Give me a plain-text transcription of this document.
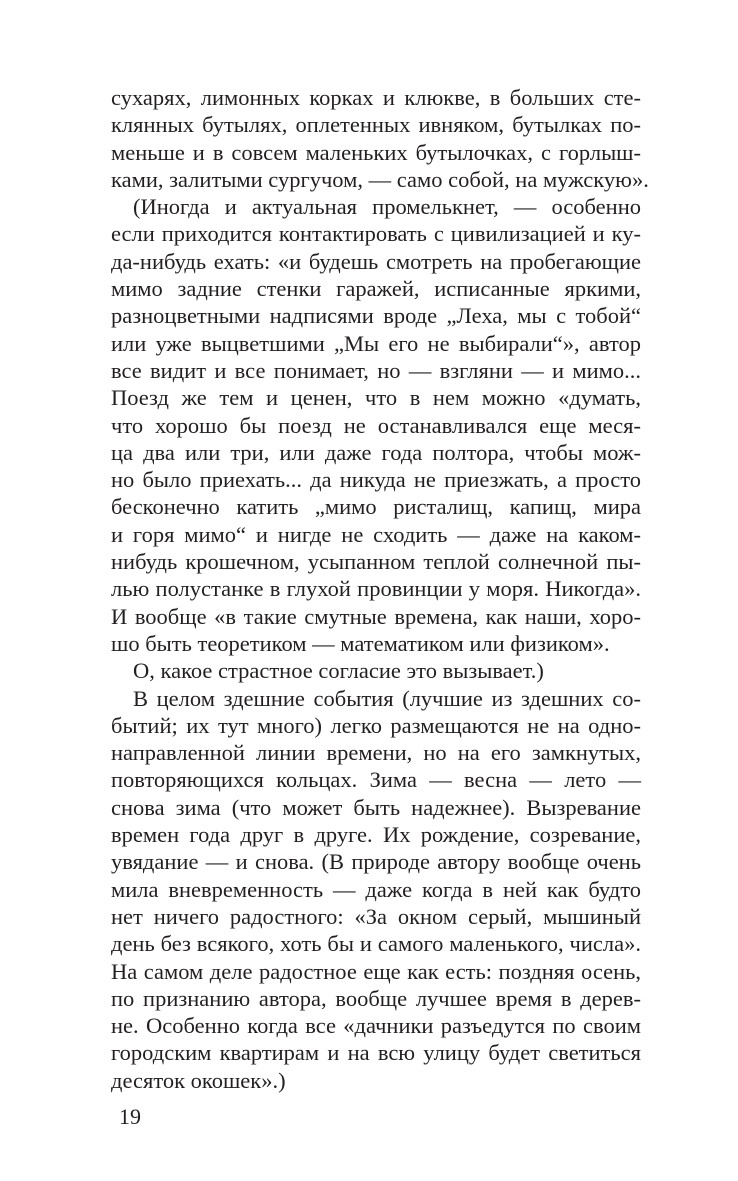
сухарях, лимонных корках и клюкве, в больших сте-
клянных бутылях, оплетенных ивняком, бутылках по-
меньше и в совсем маленьких бутылочках, с горлыш-
ками, залитыми сургучом, — само собой, на мужскую».
(Иногда и актуальная промелькнет, — особенно
если приходится контактировать с цивилизацией и ку-
да-нибудь ехать: «и будешь смотреть на пробегающие
мимо задние стенки гаражей, исписанные яркими,
разноцветными надписями вроде „Леха, мы с тобой“
или уже выцветшими „Мы его не выбирали“», автор
все видит и все понимает, но — взгляни — и мимо...
Поезд же тем и ценен, что в нем можно «думать,
что хорошо бы поезд не останавливался еще меся-
ца два или три, или даже года полтора, чтобы мож-
но было приехать... да никуда не приезжать, а просто
бесконечно катить „мимо ристалищ, капищ, мира
и горя мимо“ и нигде не сходить — даже на каком-
нибудь крошечном, усыпанном теплой солнечной пы-
лью полустанке в глухой провинции у моря. Никогда».
И вообще «в такие смутные времена, как наши, хоро-
шо быть теоретиком — математиком или физиком».
О, какое страстное согласие это вызывает.)
В целом здешние события (лучшие из здешних со-
бытий; их тут много) легко размещаются не на одно-
направленной линии времени, но на его замкнутых,
повторяющихся кольцах. Зима — весна — лето —
снова зима (что может быть надежнее). Вызревание
времен года друг в друге. Их рождение, созревание,
увядание — и снова. (В природе автору вообще очень
мила вневременность — даже когда в ней как будто
нет ничего радостного: «За окном серый, мышиный
день без всякого, хоть бы и самого маленького, числа».
На самом деле радостное еще как есть: поздняя осень,
по признанию автора, вообще лучшее время в дерев-
не. Особенно когда все «дачники разъедутся по своим
городским квартирам и на всю улицу будет светиться
десяток окошек».)
19
